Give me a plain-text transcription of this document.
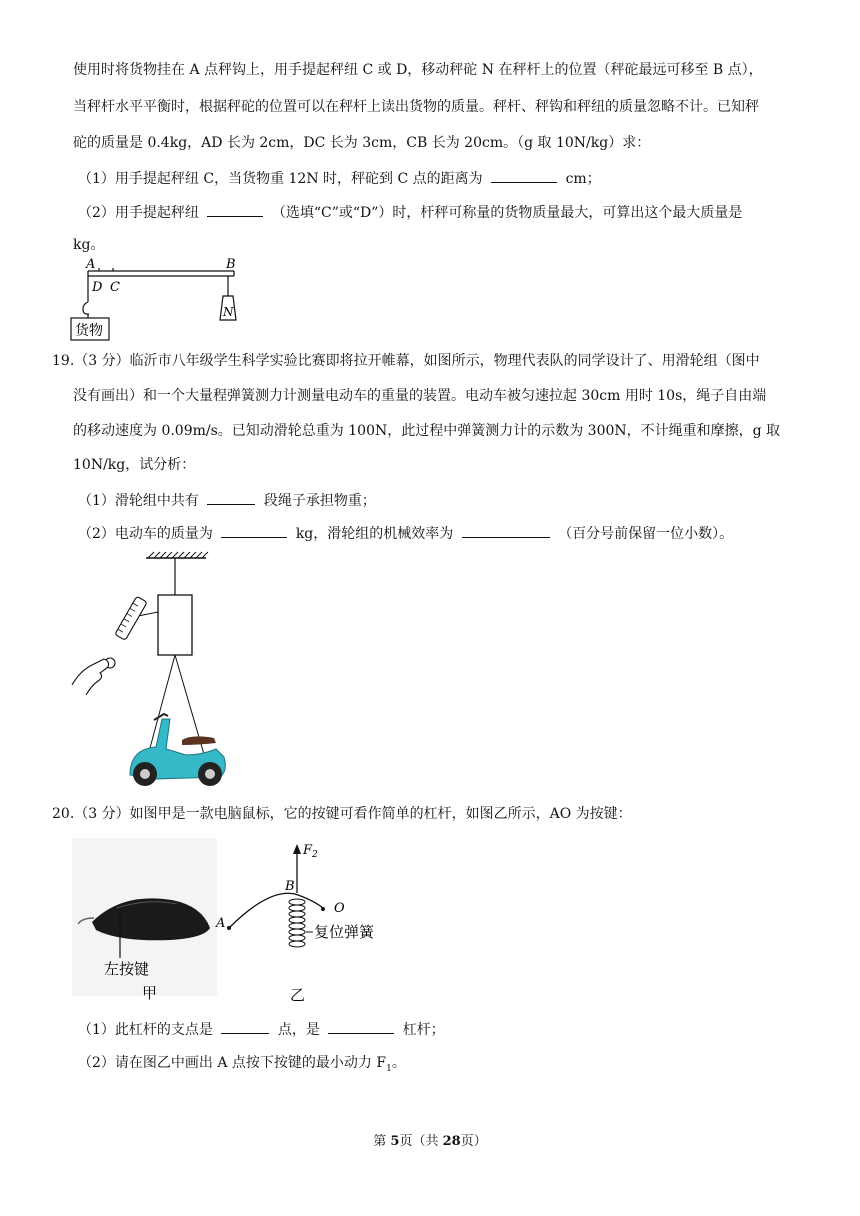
使用时将货物挂在 A 点秤钩上，用手提起秤纽 C 或 D，移动秤砣 N 在秤杆上的位置（秤砣最远可移至 B 点），
当秤杆水平平衡时，根据秤砣的位置可以在秤杆上读出货物的质量。秤杆、秤钩和秤纽的质量忽略不计。已知秤
砣的质量是 0.4kg，AD 长为 2cm，DC 长为 3cm，CB 长为 20cm。（g 取 10N/kg）求：
（1）用手提起秤纽 C，当货物重 12N 时，秤砣到 C 点的距离为	cm；
（2）用手提起秤纽	（选填“C”或“D”）时，杆秤可称量的货物质量最大，可算出这个最大质量是
kg。
A	B
D C
货物
N
19.（3 分）临沂市八年级学生科学实验比赛即将拉开帷幕，如图所示，物理代表队的同学设计了、用滑轮组（图中
没有画出）和一个大量程弹簧测力计测量电动车的重量的装置。电动车被匀速拉起 30cm 用时 10s，绳子自由端
的移动速度为 0.09m/s。已知动滑轮总重为 100N，此过程中弹簧测力计的示数为 300N，不计绳重和摩擦，g 取
10N/kg，试分析：
（1）滑轮组中共有	段绳子承担物重；
（2）电动车的质量为	kg，滑轮组的机械效率为	（百分号前保留一位小数）。
20.（3 分）如图甲是一款电脑鼠标，它的按键可看作简单的杠杆，如图乙所示，AO 为按键：
左按键
甲
A
O
$F_2$
B
复位弹簧
乙
（1）此杠杆的支点是	点，是	杠杆；
（2）请在图乙中画出 A 点按下按键的最小动力 $F_1$。
第 5页（共 28页）
